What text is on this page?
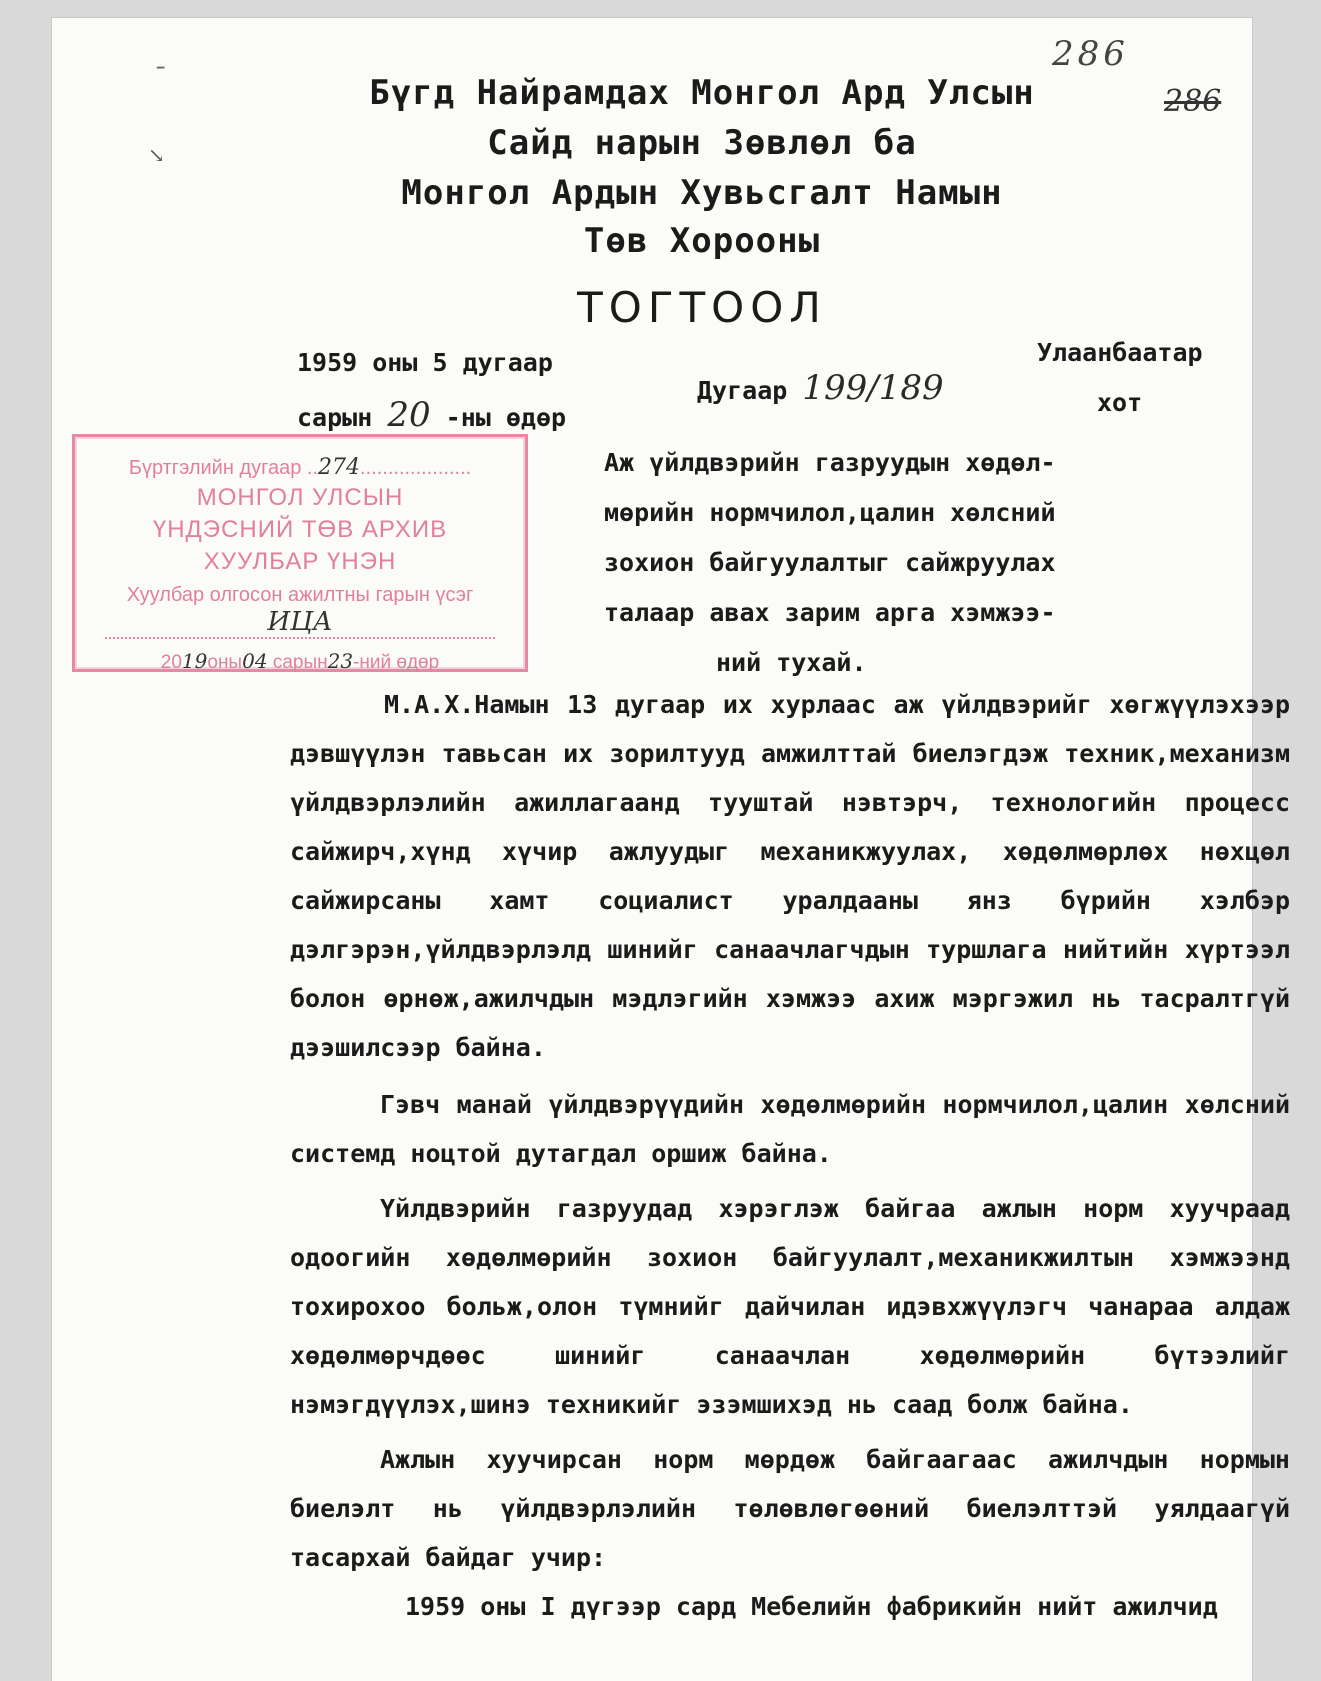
286
286
¯
↘
Бүгд Найрамдах Монгол Ард Улсын
Сайд нарын Зөвлөл ба
Монгол Ардын Хувьсгалт Намын
Төв Хорооны
ТОГТООЛ
1959 оны 5 дугаар
сарын 20 -ны өдөр
Дугаар 199/189
Улаанбаатар
хот
Аж үйлдвэрийн газруудын хөдөл-
мөрийн нормчилол,цалин хөлсний
зохион байгуулалтыг сайжруулах
талаар авах зарим арга хэмжээ-
ний тухай.
Бүртгэлийн дугаар ..274....................
МОНГОЛ УЛСЫН
ҮНДЭСНИЙ ТӨВ АРХИВ
ХУУЛБАР ҮНЭН
Хуулбар олгосон ажилтны гарын үсэг
ИЦА
2019оны04 сарын23-ний өдөр

М.А.Х.Намын 13 дугаар их хурлаас аж үйлдвэрийг хөгжүүлэхээр дэвшүүлэн тавьсан их зорилтууд амжилттай биелэгдэж техник,механизм үйлдвэрлэлийн ажиллагаанд тууштай нэвтэрч, технологийн процесс сайжирч,хүнд хүчир ажлуудыг механикжуулах, хөдөлмөрлөх нөхцөл сайжирсаны хамт социалист уралдааны янз бүрийн хэлбэр дэлгэрэн,үйлдвэрлэлд шинийг санаачлагчдын туршлага нийтийн хүртээл болон өрнөж,ажилчдын мэдлэгийн хэмжээ ахиж мэргэжил нь тасралтгүй дээшилсээр байна.

Гэвч манай үйлдвэрүүдийн хөдөлмөрийн нормчилол,цалин хөлсний системд ноцтой дутагдал оршиж байна.

Үйлдвэрийн газруудад хэрэглэж байгаа ажлын норм хуучраад одоогийн хөдөлмөрийн зохион байгуулалт,механикжилтын хэмжээнд тохирохоо больж,олон түмнийг дайчилан идэвхжүүлэгч чанараа алдаж хөдөлмөрчдөөс шинийг санаачлан хөдөлмөрийн бүтээлийг нэмэгдүүлэх,шинэ техникийг эзэмшихэд нь саад болж байна.

Ажлын хуучирсан норм мөрдөж байгаагаас ажилчдын нормын биелэлт нь үйлдвэрлэлийн төлөвлөгөөний биелэлттэй уялдаагүй тасархай байдаг учир:

1959 оны I дүгээр сард Мебелийн фабрикийн нийт ажилчид
